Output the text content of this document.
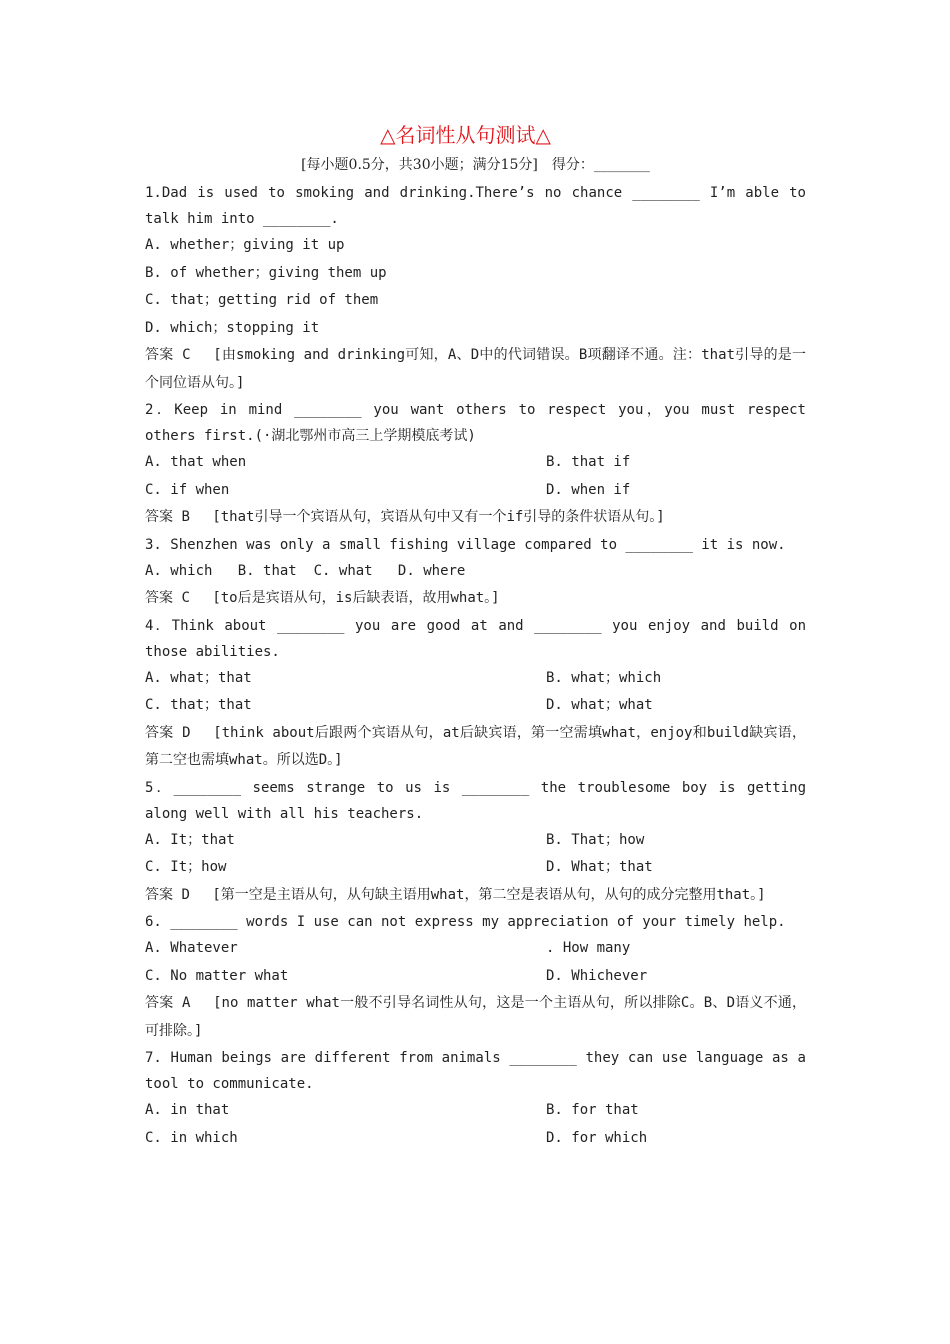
△名词性从句测试△
[每小题0.5分，共30小题；满分15分]　得分：________
1.Dad is used to smoking and drinking.There’s no chance ________ I’m able to talk him into ________.
A. whether；giving it up
B. of whether；giving them up
C. that；getting rid of them
D. which；stopping it
答案 C [由smoking and drinking可知，A、D中的代词错误。B项翻译不通。注：that引导的是一个同位语从句。]
2．Keep in mind ________ you want others to respect you，you must respect others first.(·湖北鄂州市高三上学期模底考试)
A. that when	B. that if
C. if when	D. when if
答案 B [that引导一个宾语从句，宾语从句中又有一个if引导的条件状语从句。]
3. Shenzhen was only a small fishing village compared to ________ it is now.
A. which B. that C. what D. where
答案 C [to后是宾语从句，is后缺表语，故用what。]
4．Think about ________ you are good at and ________ you enjoy and build on those abilities.
A. what；that	B. what；which
C. that；that	D. what；what
答案 D [think about后跟两个宾语从句，at后缺宾语，第一空需填what，enjoy和build缺宾语，第二空也需填what。所以选D。]
5．________ seems strange to us is ________ the troublesome boy is getting along well with all his teachers.
A. It；that	B. That；how
C. It；how	D. What；that
答案 D [第一空是主语从句，从句缺主语用what，第二空是表语从句，从句的成分完整用that。]
6. ________ words I use can not express my appreciation of your timely help.
A. Whatever	. How many
C. No matter what	D. Whichever
答案 A [no matter what一般不引导名词性从句，这是一个主语从句，所以排除C。B、D语义不通，可排除。]
7. Human beings are different from animals ________ they can use language as a tool to communicate.
A. in that	B. for that
C. in which	D. for which
